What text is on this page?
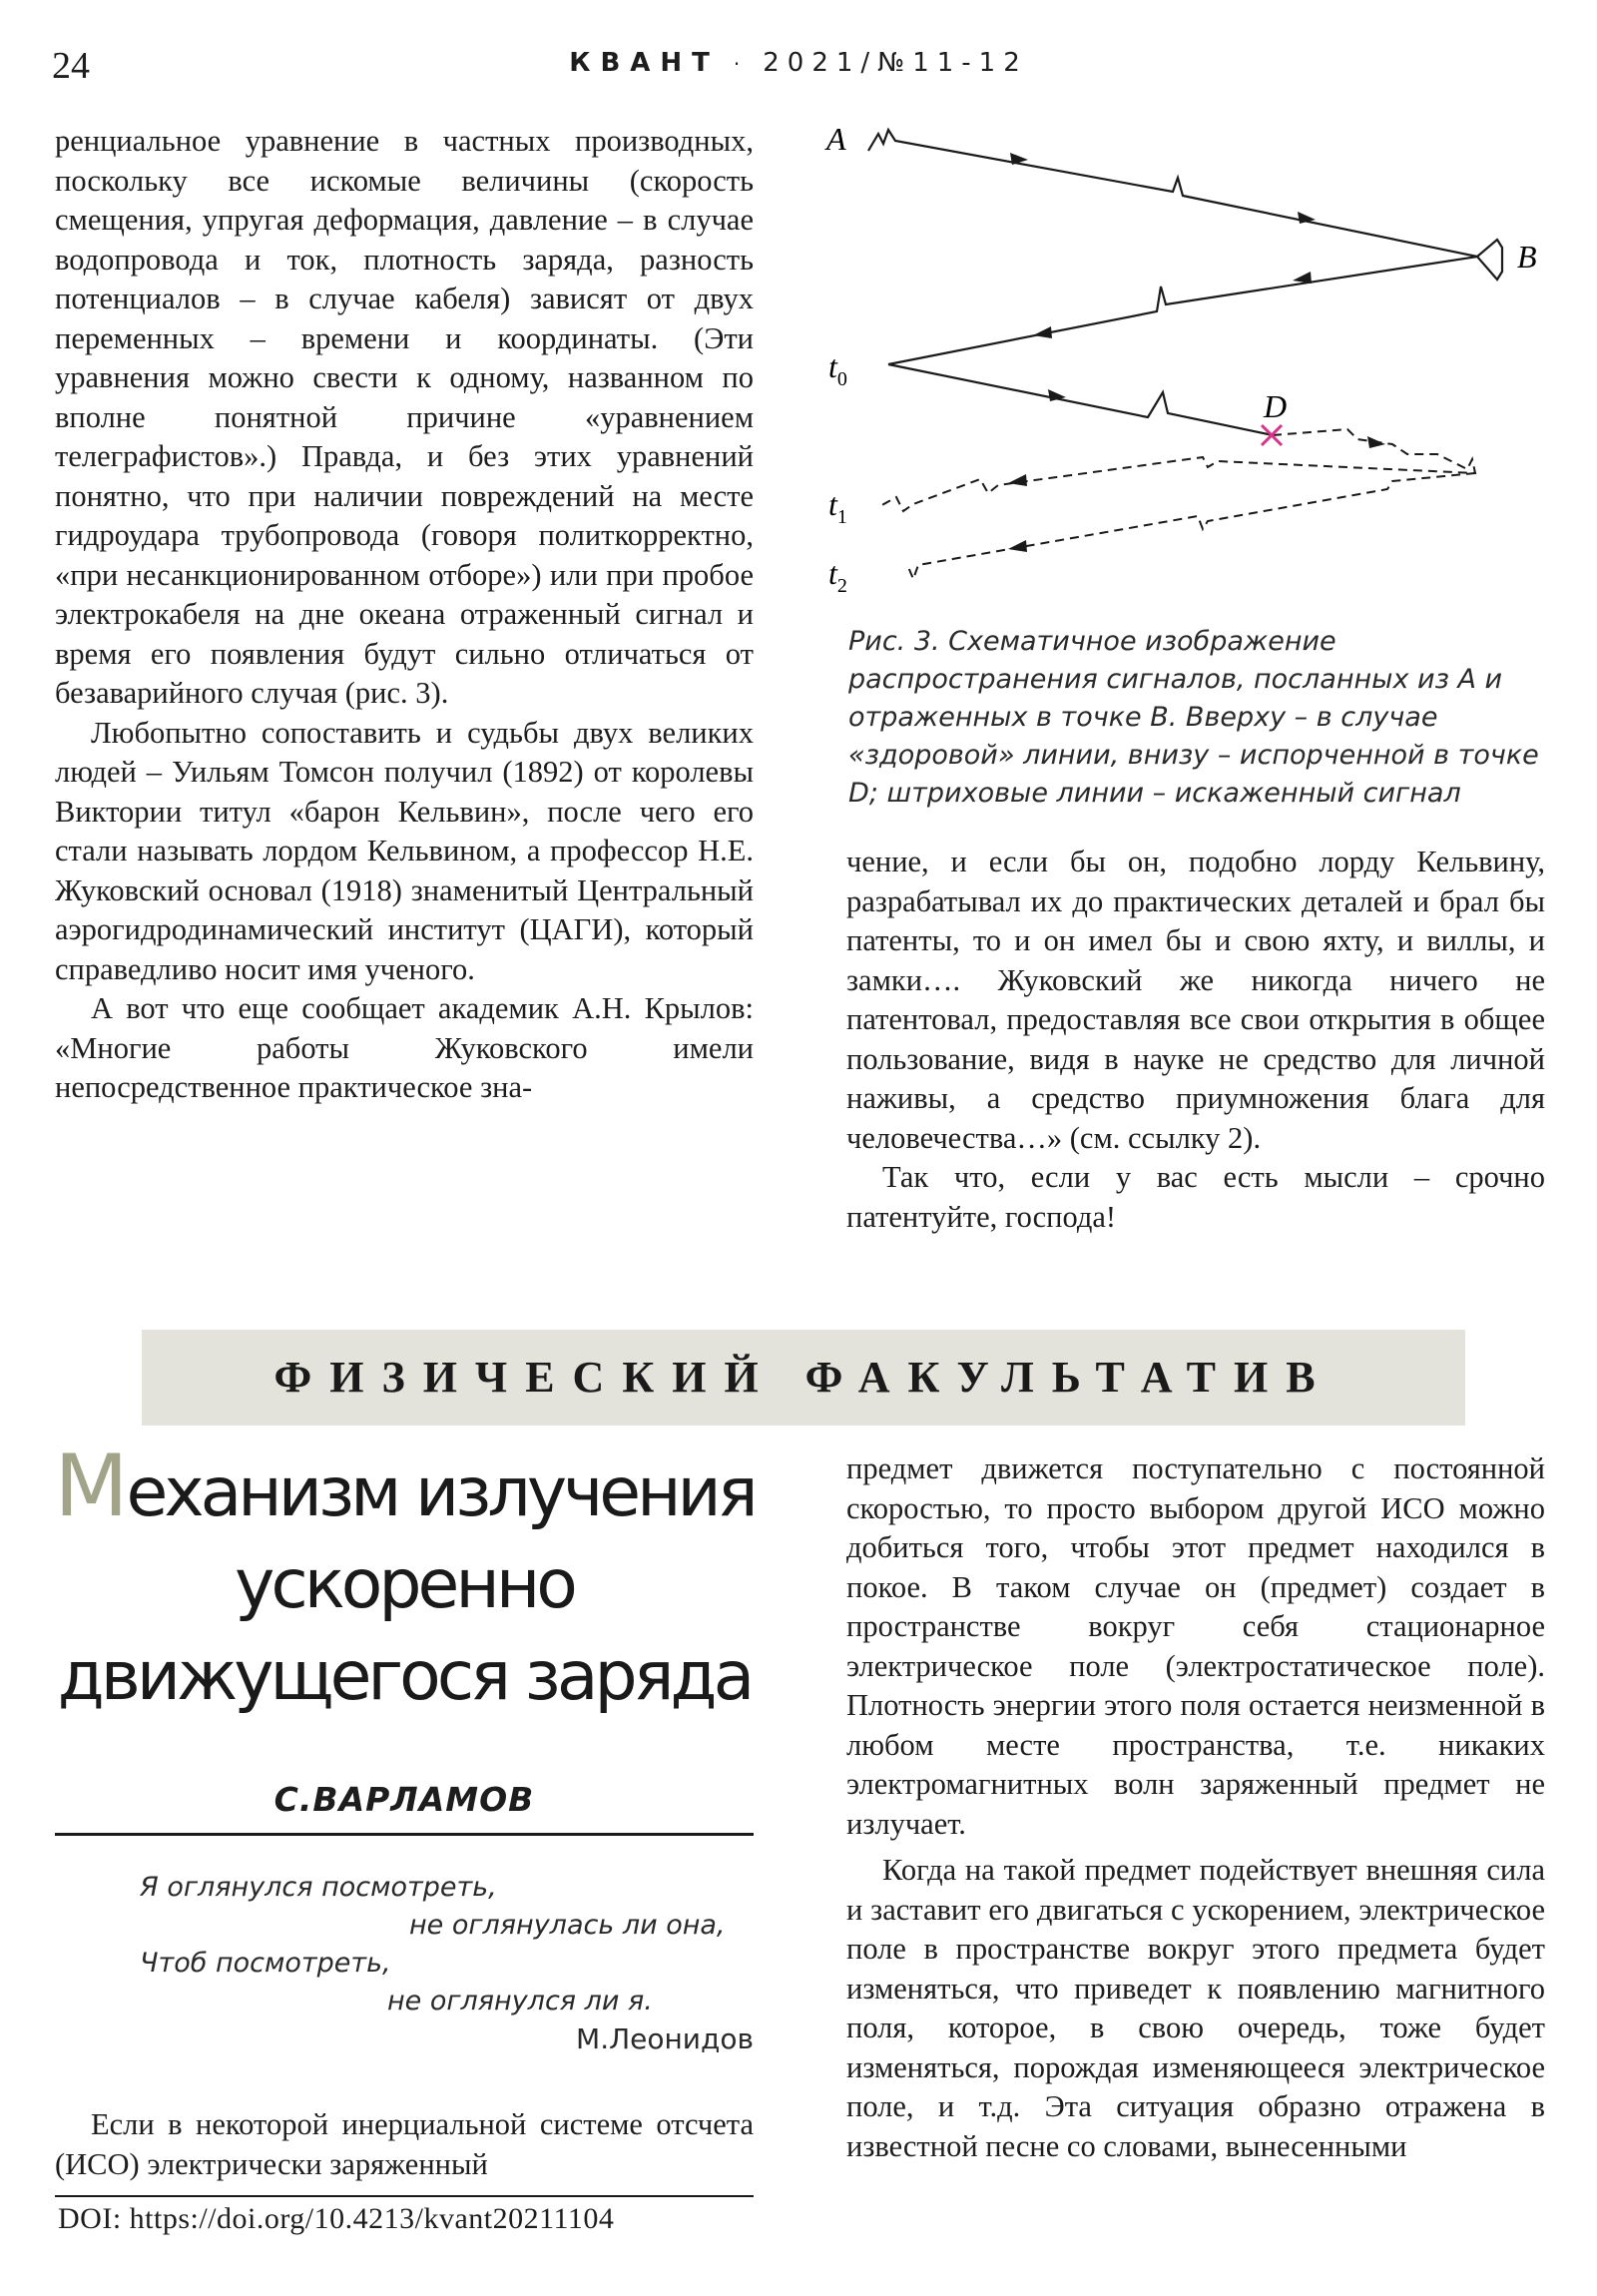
24	КВАНТ · 2021/№11-12

ренциальное уравнение в частных производных, поскольку все искомые величины (скорость смещения, упругая деформация, давление – в случае водопровода и ток, плотность заряда, разность потенциалов – в случае кабеля) зависят от двух переменных – времени и координаты. (Эти уравнения можно свести к одному, названном по вполне понятной причине «уравнением телеграфистов».) Правда, и без этих уравнений понятно, что при наличии повреждений на месте гидроудара трубопровода (говоря политкорректно, «при несанкционированном отборе») или при пробое электрокабеля на дне океана отраженный сигнал и время его появления будут сильно отличаться от безаварийного случая (рис. 3).

Любопытно сопоставить и судьбы двух великих людей – Уильям Томсон получил (1892) от королевы Виктории титул «барон Кельвин», после чего его стали называть лордом Кельвином, а профессор Н.Е. Жуковский основал (1918) знаменитый Центральный аэрогидродинамический институт (ЦАГИ), который справедливо носит имя ученого.

А вот что еще сообщает академик А.Н. Крылов: «Многие работы Жуковского имели непосредственное практическое зна-

A
B
D
$t_0$
$t_1$
$t_2$
Рис. 3. Схематичное изображение распространения сигналов, посланных из А и отраженных в точке В. Вверху – в случае «здоровой» линии, внизу – испорченной в точке D; штриховые линии – искаженный сигнал

чение, и если бы он, подобно лорду Кельвину, разрабатывал их до практических деталей и брал бы патенты, то и он имел бы и свою яхту, и виллы, и замки…. Жуковский же никогда ничего не патентовал, предоставляя все свои открытия в общее пользование, видя в науке не средство для личной наживы, а средство приумножения блага для человечества…» (см. ссылку 2).

Так что, если у вас есть мысли – срочно патентуйте, господа!

ФИЗИЧЕСКИЙ ФАКУЛЬТАТИВ
Механизм излучения
ускоренно
движущегося заряда
С.ВАРЛАМОВ
Я оглянулся посмотреть,
не оглянулась ли она,
Чтоб посмотреть,
не оглянулся ли я.
М.Леонидов

Если в некоторой инерциальной системе отсчета (ИСО) электрически заряженный

DOI: https://doi.org/10.4213/kvant20211104

предмет движется поступательно с постоянной скоростью, то просто выбором другой ИСО можно добиться того, чтобы этот предмет находился в покое. В таком случае он (предмет) создает в пространстве вокруг себя стационарное электрическое поле (электростатическое поле). Плотность энергии этого поля остается неизменной в любом месте пространства, т.е. никаких электромагнитных волн заряженный предмет не излучает.

Когда на такой предмет подействует внешняя сила и заставит его двигаться с ускорением, электрическое поле в пространстве вокруг этого предмета будет изменяться, что приведет к появлению магнитного поля, которое, в свою очередь, тоже будет изменяться, порождая изменяющееся электрическое поле, и т.д. Эта ситуация образно отражена в известной песне со словами, вынесенными
